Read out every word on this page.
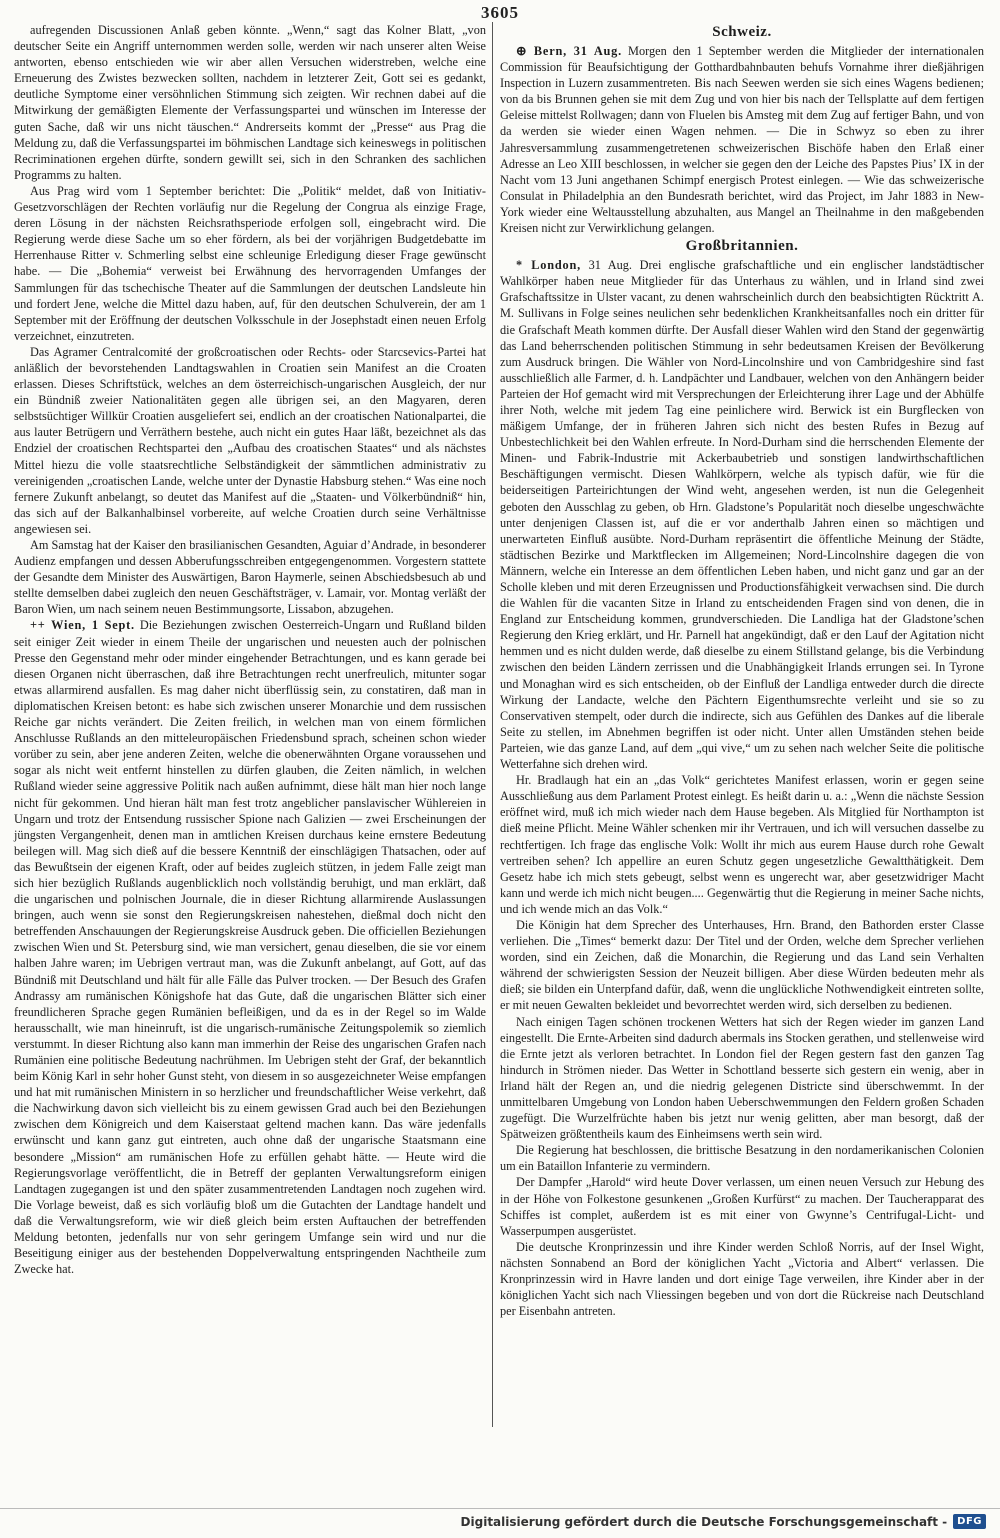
3605

aufregenden Discussionen Anlaß geben könnte. „Wenn,“ sagt das Kolner Blatt, „von deutscher Seite ein Angriff unternommen werden solle, werden wir nach unserer alten Weise antworten, ebenso entschieden wie wir aber allen Versuchen widerstreben, welche eine Erneuerung des Zwistes bezwecken sollten, nachdem in letzterer Zeit, Gott sei es gedankt, deutliche Symptome einer versöhnlichen Stimmung sich zeigten. Wir rechnen dabei auf die Mitwirkung der gemäßigten Elemente der Verfassungspartei und wünschen im Interesse der guten Sache, daß wir uns nicht täuschen.“ Andrerseits kommt der „Presse“ aus Prag die Meldung zu, daß die Verfassungspartei im böhmischen Landtage sich keineswegs in politischen Recriminationen ergehen dürfte, sondern gewillt sei, sich in den Schranken des sachlichen Programms zu halten.

Aus Prag wird vom 1 September berichtet: Die „Politik“ meldet, daß von Initiativ-Gesetzvorschlägen der Rechten vorläufig nur die Regelung der Congrua als einzige Frage, deren Lösung in der nächsten Reichsrathsperiode erfolgen soll, eingebracht wird. Die Regierung werde diese Sache um so eher fördern, als bei der vorjährigen Budgetdebatte im Herrenhause Ritter v. Schmerling selbst eine schleunige Erledigung dieser Frage gewünscht habe. — Die „Bohemia“ verweist bei Erwähnung des hervorragenden Umfanges der Sammlungen für das tschechische Theater auf die Sammlungen der deutschen Landsleute hin und fordert Jene, welche die Mittel dazu haben, auf, für den deutschen Schulverein, der am 1 September mit der Eröffnung der deutschen Volksschule in der Josephstadt einen neuen Erfolg verzeichnet, einzutreten.

Das Agramer Centralcomité der großcroatischen oder Rechts- oder Starcsevics-Partei hat anläßlich der bevorstehenden Landtagswahlen in Croatien sein Manifest an die Croaten erlassen. Dieses Schriftstück, welches an dem österreichisch-ungarischen Ausgleich, der nur ein Bündniß zweier Nationalitäten gegen alle übrigen sei, an den Magyaren, deren selbstsüchtiger Willkür Croatien ausgeliefert sei, endlich an der croatischen Nationalpartei, die aus lauter Betrügern und Verräthern bestehe, auch nicht ein gutes Haar läßt, bezeichnet als das Endziel der croatischen Rechtspartei den „Aufbau des croatischen Staates“ und als nächstes Mittel hiezu die volle staatsrechtliche Selbständigkeit der sämmtlichen administrativ zu vereinigenden „croatischen Lande, welche unter der Dynastie Habsburg stehen.“ Was eine noch fernere Zukunft anbelangt, so deutet das Manifest auf die „Staaten- und Völkerbündniß“ hin, das sich auf der Balkanhalbinsel vorbereite, auf welche Croatien durch seine Verhältnisse angewiesen sei.

Am Samstag hat der Kaiser den brasilianischen Gesandten, Aguiar d’Andrade, in besonderer Audienz empfangen und dessen Abberufungsschreiben entgegengenommen. Vorgestern stattete der Gesandte dem Minister des Auswärtigen, Baron Haymerle, seinen Abschiedsbesuch ab und stellte demselben dabei zugleich den neuen Geschäftsträger, v. Lamair, vor. Montag verläßt der Baron Wien, um nach seinem neuen Bestimmungsorte, Lissabon, abzugehen.

++ Wien, 1 Sept. Die Beziehungen zwischen Oesterreich-Ungarn und Rußland bilden seit einiger Zeit wieder in einem Theile der ungarischen und neuesten auch der polnischen Presse den Gegenstand mehr oder minder eingehender Betrachtungen, und es kann gerade bei diesen Organen nicht überraschen, daß ihre Betrachtungen recht unerfreulich, mitunter sogar etwas allarmirend ausfallen. Es mag daher nicht überflüssig sein, zu constatiren, daß man in diplomatischen Kreisen betont: es habe sich zwischen unserer Monarchie und dem russischen Reiche gar nichts verändert. Die Zeiten freilich, in welchen man von einem förmlichen Anschlusse Rußlands an den mitteleuropäischen Friedensbund sprach, scheinen schon wieder vorüber zu sein, aber jene anderen Zeiten, welche die obenerwähnten Organe voraussehen und sogar als nicht weit entfernt hinstellen zu dürfen glauben, die Zeiten nämlich, in welchen Rußland wieder seine aggressive Politik nach außen aufnimmt, diese hält man hier noch lange nicht für gekommen. Und hieran hält man fest trotz angeblicher panslavischer Wühlereien in Ungarn und trotz der Entsendung russischer Spione nach Galizien — zwei Erscheinungen der jüngsten Vergangenheit, denen man in amtlichen Kreisen durchaus keine ernstere Bedeutung beilegen will. Mag sich dieß auf die bessere Kenntniß der einschlägigen Thatsachen, oder auf das Bewußtsein der eigenen Kraft, oder auf beides zugleich stützen, in jedem Falle zeigt man sich hier bezüglich Rußlands augenblicklich noch vollständig beruhigt, und man erklärt, daß die ungarischen und polnischen Journale, die in dieser Richtung allarmirende Auslassungen bringen, auch wenn sie sonst den Regierungskreisen nahestehen, dießmal doch nicht den betreffenden Anschauungen der Regierungskreise Ausdruck geben. Die officiellen Beziehungen zwischen Wien und St. Petersburg sind, wie man versichert, genau dieselben, die sie vor einem halben Jahre waren; im Uebrigen vertraut man, was die Zukunft anbelangt, auf Gott, auf das Bündniß mit Deutschland und hält für alle Fälle das Pulver trocken. — Der Besuch des Grafen Andrassy am rumänischen Königshofe hat das Gute, daß die ungarischen Blätter sich einer freundlicheren Sprache gegen Rumänien befleißigen, und da es in der Regel so im Walde herausschallt, wie man hineinruft, ist die ungarisch-rumänische Zeitungspolemik so ziemlich verstummt. In dieser Richtung also kann man immerhin der Reise des ungarischen Grafen nach Rumänien eine politische Bedeutung nachrühmen. Im Uebrigen steht der Graf, der bekanntlich beim König Karl in sehr hoher Gunst steht, von diesem in so ausgezeichneter Weise empfangen und hat mit rumänischen Ministern in so herzlicher und freundschaftlicher Weise verkehrt, daß die Nachwirkung davon sich vielleicht bis zu einem gewissen Grad auch bei den Beziehungen zwischen dem Königreich und dem Kaiserstaat geltend machen kann. Das wäre jedenfalls erwünscht und kann ganz gut eintreten, auch ohne daß der ungarische Staatsmann eine besondere „Mission“ am rumänischen Hofe zu erfüllen gehabt hätte. — Heute wird die Regierungsvorlage veröffentlicht, die in Betreff der geplanten Verwaltungsreform einigen Landtagen zugegangen ist und den später zusammentretenden Landtagen noch zugehen wird. Die Vorlage beweist, daß es sich vorläufig bloß um die Gutachten der Landtage handelt und daß die Verwaltungsreform, wie wir dieß gleich beim ersten Auftauchen der betreffenden Meldung betonten, jedenfalls nur von sehr geringem Umfange sein wird und nur die Beseitigung einiger aus der bestehenden Doppelverwaltung entspringenden Nachtheile zum Zwecke hat.

Schweiz.

⊕ Bern, 31 Aug. Morgen den 1 September werden die Mitglieder der internationalen Commission für Beaufsichtigung der Gotthardbahnbauten behufs Vornahme ihrer dießjährigen Inspection in Luzern zusammentreten. Bis nach Seewen werden sie sich eines Wagens bedienen; von da bis Brunnen gehen sie mit dem Zug und von hier bis nach der Tellsplatte auf dem fertigen Geleise mittelst Rollwagen; dann von Fluelen bis Amsteg mit dem Zug auf fertiger Bahn, und von da werden sie wieder einen Wagen nehmen. — Die in Schwyz so eben zu ihrer Jahresversammlung zusammengetretenen schweizerischen Bischöfe haben den Erlaß einer Adresse an Leo XIII beschlossen, in welcher sie gegen den der Leiche des Papstes Pius’ IX in der Nacht vom 13 Juni angethanen Schimpf energisch Protest einlegen. — Wie das schweizerische Consulat in Philadelphia an den Bundesrath berichtet, wird das Project, im Jahr 1883 in New-York wieder eine Weltausstellung abzuhalten, aus Mangel an Theilnahme in den maßgebenden Kreisen nicht zur Verwirklichung gelangen.

Großbritannien.

* London, 31 Aug. Drei englische grafschaftliche und ein englischer landstädtischer Wahlkörper haben neue Mitglieder für das Unterhaus zu wählen, und in Irland sind zwei Grafschaftssitze in Ulster vacant, zu denen wahrscheinlich durch den beabsichtigten Rücktritt A. M. Sullivans in Folge seines neulichen sehr bedenklichen Krankheitsanfalles noch ein dritter für die Grafschaft Meath kommen dürfte. Der Ausfall dieser Wahlen wird den Stand der gegenwärtig das Land beherrschenden politischen Stimmung in sehr bedeutsamen Kreisen der Bevölkerung zum Ausdruck bringen. Die Wähler von Nord-Lincolnshire und von Cambridgeshire sind fast ausschließlich alle Farmer, d. h. Landpächter und Landbauer, welchen von den Anhängern beider Parteien der Hof gemacht wird mit Versprechungen der Erleichterung ihrer Lage und der Abhülfe ihrer Noth, welche mit jedem Tag eine peinlichere wird. Berwick ist ein Burgflecken von mäßigem Umfange, der in früheren Jahren sich nicht des besten Rufes in Bezug auf Unbestechlichkeit bei den Wahlen erfreute. In Nord-Durham sind die herrschenden Elemente der Minen- und Fabrik-Industrie mit Ackerbaubetrieb und sonstigen landwirthschaftlichen Beschäftigungen vermischt. Diesen Wahlkörpern, welche als typisch dafür, wie für die beiderseitigen Parteirichtungen der Wind weht, angesehen werden, ist nun die Gelegenheit geboten den Ausschlag zu geben, ob Hrn. Gladstone’s Popularität noch dieselbe ungeschwächte unter denjenigen Classen ist, auf die er vor anderthalb Jahren einen so mächtigen und unerwarteten Einfluß ausübte. Nord-Durham repräsentirt die öffentliche Meinung der Städte, städtischen Bezirke und Marktflecken im Allgemeinen; Nord-Lincolnshire dagegen die von Männern, welche ein Interesse an dem öffentlichen Leben haben, und nicht ganz und gar an der Scholle kleben und mit deren Erzeugnissen und Productionsfähigkeit verwachsen sind. Die durch die Wahlen für die vacanten Sitze in Irland zu entscheidenden Fragen sind von denen, die in England zur Entscheidung kommen, grundverschieden. Die Landliga hat der Gladstone’schen Regierung den Krieg erklärt, und Hr. Parnell hat angekündigt, daß er den Lauf der Agitation nicht hemmen und es nicht dulden werde, daß dieselbe zu einem Stillstand gelange, bis die Verbindung zwischen den beiden Ländern zerrissen und die Unabhängigkeit Irlands errungen sei. In Tyrone und Monaghan wird es sich entscheiden, ob der Einfluß der Landliga entweder durch die directe Wirkung der Landacte, welche den Pächtern Eigenthumsrechte verleiht und sie so zu Conservativen stempelt, oder durch die indirecte, sich aus Gefühlen des Dankes auf die liberale Seite zu stellen, im Abnehmen begriffen ist oder nicht. Unter allen Umständen stehen beide Parteien, wie das ganze Land, auf dem „qui vive,“ um zu sehen nach welcher Seite die politische Wetterfahne sich drehen wird.

Hr. Bradlaugh hat ein an „das Volk“ gerichtetes Manifest erlassen, worin er gegen seine Ausschließung aus dem Parlament Protest einlegt. Es heißt darin u. a.: „Wenn die nächste Session eröffnet wird, muß ich mich wieder nach dem Hause begeben. Als Mitglied für Northampton ist dieß meine Pflicht. Meine Wähler schenken mir ihr Vertrauen, und ich will versuchen dasselbe zu rechtfertigen. Ich frage das englische Volk: Wollt ihr mich aus eurem Hause durch rohe Gewalt vertreiben sehen? Ich appellire an euren Schutz gegen ungesetzliche Gewaltthätigkeit. Dem Gesetz habe ich mich stets gebeugt, selbst wenn es ungerecht war, aber gesetzwidriger Macht kann und werde ich mich nicht beugen.... Gegenwärtig thut die Regierung in meiner Sache nichts, und ich wende mich an das Volk.“

Die Königin hat dem Sprecher des Unterhauses, Hrn. Brand, den Bathorden erster Classe verliehen. Die „Times“ bemerkt dazu: Der Titel und der Orden, welche dem Sprecher verliehen worden, sind ein Zeichen, daß die Monarchin, die Regierung und das Land sein Verhalten während der schwierigsten Session der Neuzeit billigen. Aber diese Würden bedeuten mehr als dieß; sie bilden ein Unterpfand dafür, daß, wenn die unglückliche Nothwendigkeit eintreten sollte, er mit neuen Gewalten bekleidet und bevorrechtet werden wird, sich derselben zu bedienen.

Nach einigen Tagen schönen trockenen Wetters hat sich der Regen wieder im ganzen Land eingestellt. Die Ernte-Arbeiten sind dadurch abermals ins Stocken gerathen, und stellenweise wird die Ernte jetzt als verloren betrachtet. In London fiel der Regen gestern fast den ganzen Tag hindurch in Strömen nieder. Das Wetter in Schottland besserte sich gestern ein wenig, aber in Irland hält der Regen an, und die niedrig gelegenen Districte sind überschwemmt. In der unmittelbaren Umgebung von London haben Ueberschwemmungen den Feldern großen Schaden zugefügt. Die Wurzelfrüchte haben bis jetzt nur wenig gelitten, aber man besorgt, daß der Spätweizen größtentheils kaum des Einheimsens werth sein wird.

Die Regierung hat beschlossen, die brittische Besatzung in den nordamerikanischen Colonien um ein Bataillon Infanterie zu vermindern.

Der Dampfer „Harold“ wird heute Dover verlassen, um einen neuen Versuch zur Hebung des in der Höhe von Folkestone gesunkenen „Großen Kurfürst“ zu machen. Der Taucherapparat des Schiffes ist complet, außerdem ist es mit einer von Gwynne’s Centrifugal-Licht- und Wasserpumpen ausgerüstet.

Die deutsche Kronprinzessin und ihre Kinder werden Schloß Norris, auf der Insel Wight, nächsten Sonnabend an Bord der königlichen Yacht „Victoria and Albert“ verlassen. Die Kronprinzessin wird in Havre landen und dort einige Tage verweilen, ihre Kinder aber in der königlichen Yacht sich nach Vliessingen begeben und von dort die Rückreise nach Deutschland per Eisenbahn antreten.

Digitalisierung gefördert durch die Deutsche Forschungsgemeinschaft -	DFG
